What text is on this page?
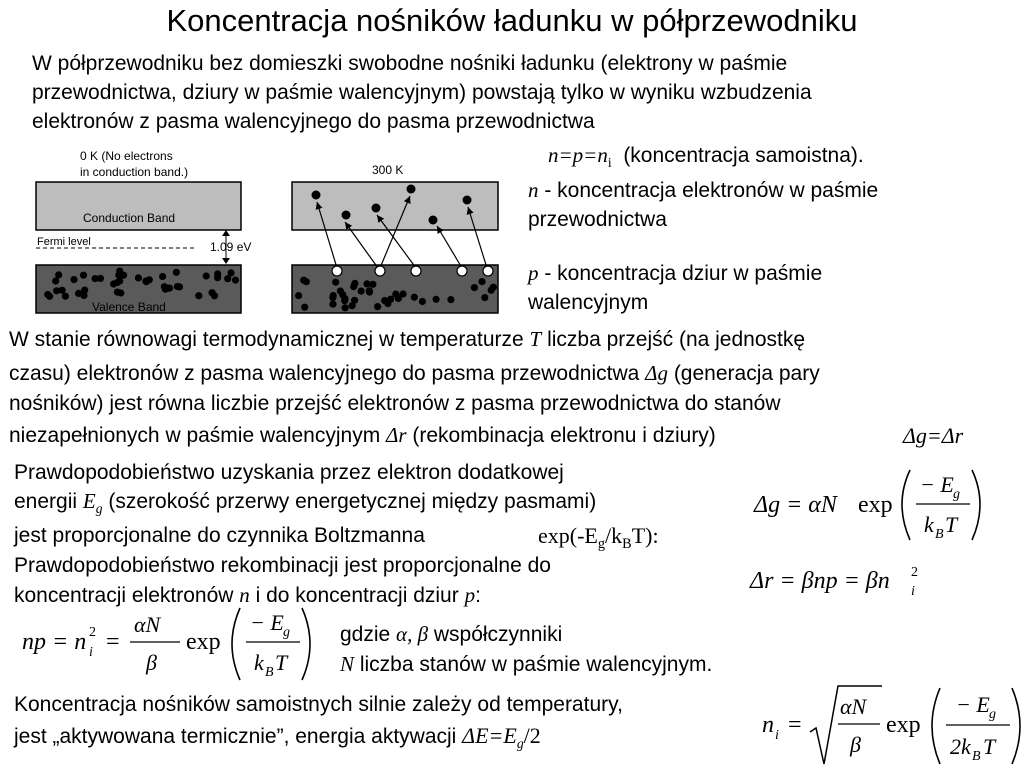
Koncentracja nośników ładunku w półprzewodniku
W półprzewodniku bez domieszki swobodne nośniki ładunku (elektrony w paśmie
przewodnictwa, dziury w paśmie walencyjnym) powstają tylko w wyniku wzbudzenia
elektronów z pasma walencyjnego do pasma przewodnictwa
0 K (No electrons
in conduction band.)
Conduction Band
Fermi level	1.09 eV
Valence Band
300 K
$n=p=n_i$ (koncentracja samoistna).
n - koncentracja elektronów w paśmie
przewodnictwa
p - koncentracja dziur w paśmie
walencyjnym
W stanie równowagi termodynamicznej w temperaturze T liczba przejść (na jednostkę
czasu) elektronów z pasma walencyjnego do pasma przewodnictwa Δg (generacja pary
nośników) jest równa liczbie przejść elektronów z pasma przewodnictwa do stanów
niezapełnionych w paśmie walencyjnym Δr (rekombinacja elektronu i dziury)	Δg=Δr
Prawdopodobieństwo uzyskania przez elektron dodatkowej
energii $E_g$ (szerokość przerwy energetycznej między pasmami)
jest proporcjonalne do czynnika Boltzmanna	$\exp(-E_g/k_BT)$:
Prawdopodobieństwo rekombinacji jest proporcjonalne do
koncentracji elektronów n i do koncentracji dziur p:
gdzie α, β współczynniki
N liczba stanów w paśmie walencyjnym.
Koncentracja nośników samoistnych silnie zależy od temperatury,
jest „aktywowana termicznie”, energia aktywacji $\Delta E=E_g/2$
Δg = αN exp
− E g
k B T
Δr = βnp = βn i
2
np = n i
2 =
αN
β
exp
− E g
k B T
n i =
αN
β
exp
− E g
2k B T
